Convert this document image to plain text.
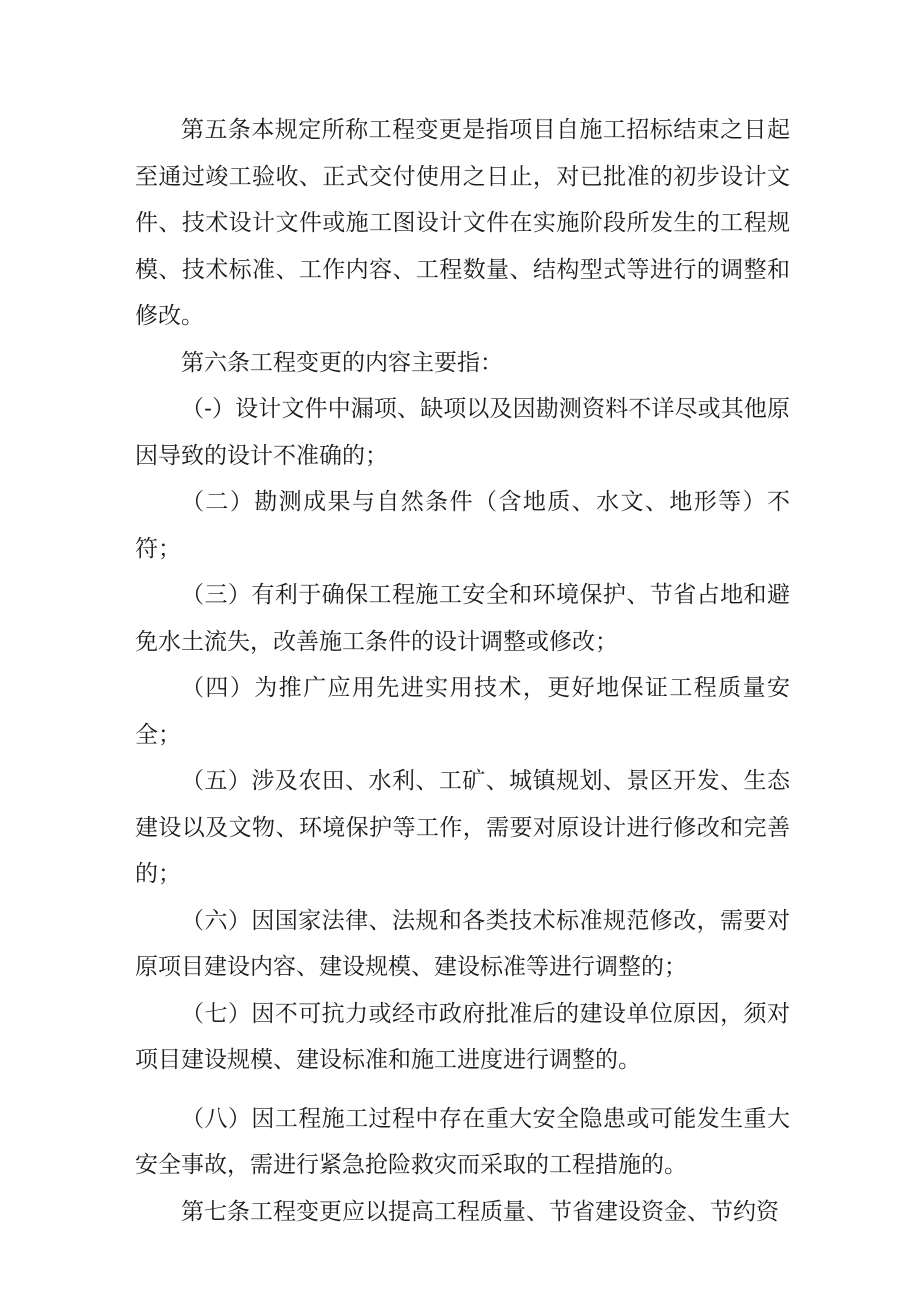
第五条本规定所称工程变更是指项目自施工招标结束之日起至通过竣工验收、正式交付使用之日止，对已批准的初步设计文件、技术设计文件或施工图设计文件在实施阶段所发生的工程规模、技术标准、工作内容、工程数量、结构型式等进行的调整和修改。

第六条工程变更的内容主要指：

（-）设计文件中漏项、缺项以及因勘测资料不详尽或其他原因导致的设计不准确的；

（二）勘测成果与自然条件（含地质、水文、地形等）不符；

（三）有利于确保工程施工安全和环境保护、节省占地和避免水土流失，改善施工条件的设计调整或修改；

（四）为推广应用先进实用技术，更好地保证工程质量安全；

（五）涉及农田、水利、工矿、城镇规划、景区开发、生态建设以及文物、环境保护等工作，需要对原设计进行修改和完善的；

（六）因国家法律、法规和各类技术标准规范修改，需要对原项目建设内容、建设规模、建设标准等进行调整的；

（七）因不可抗力或经市政府批准后的建设单位原因，须对项目建设规模、建设标准和施工进度进行调整的。

（八）因工程施工过程中存在重大安全隐患或可能发生重大安全事故，需进行紧急抢险救灾而采取的工程措施的。

第七条工程变更应以提高工程质量、节省建设资金、节约资
